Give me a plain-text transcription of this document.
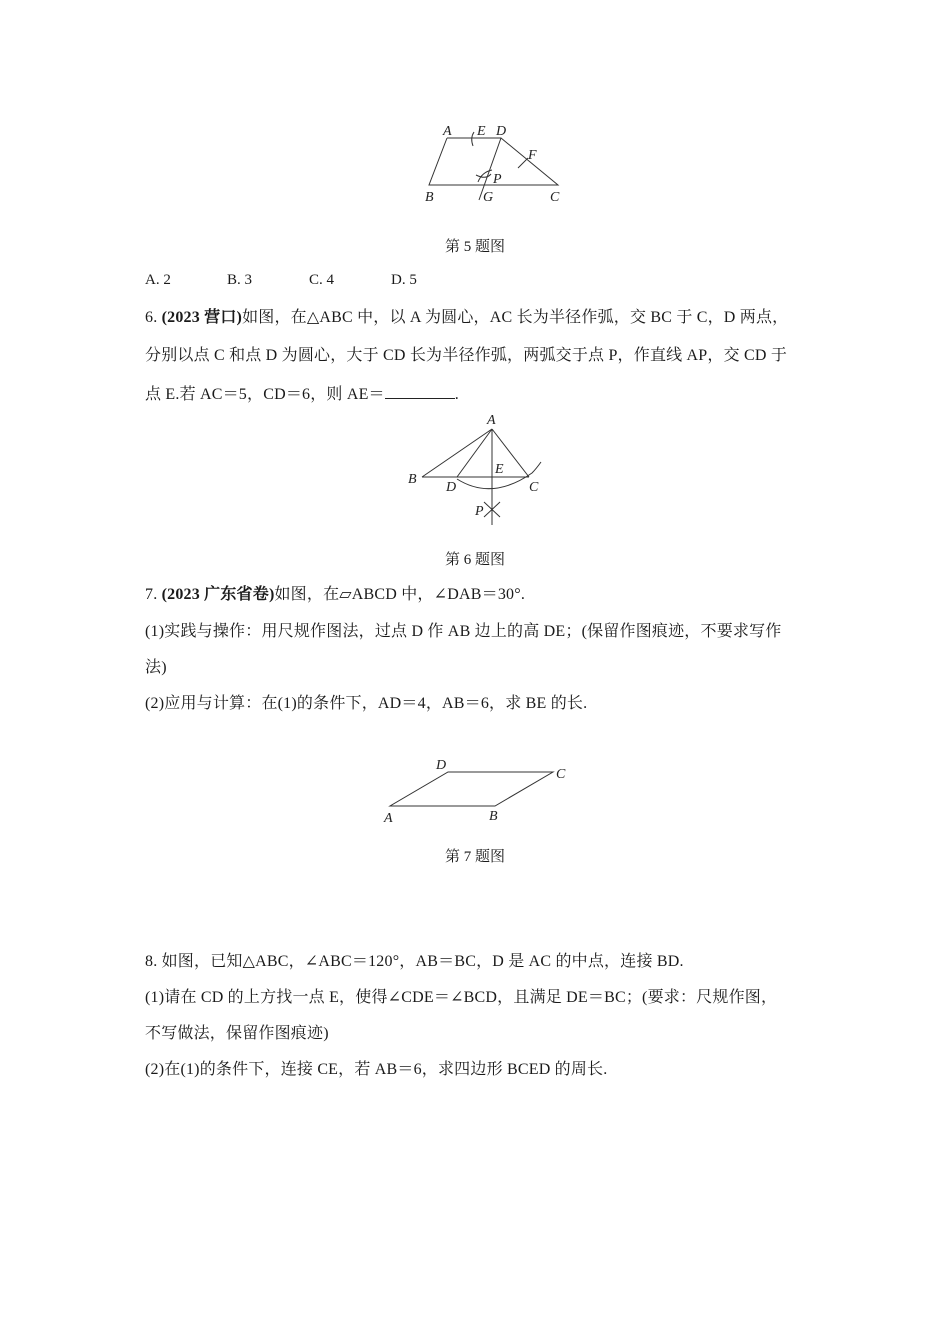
A E D
F
P
B	G	C
第 5 题图
A. 2	B. 3	C. 4	D. 5
6. (2023 营口)如图，在△ABC 中，以 A 为圆心，AC 长为半径作弧，交 BC 于 C，D 两点，
分别以点 C 和点 D 为圆心，大于 CD 长为半径作弧，两弧交于点 P，作直线 AP，交 CD 于
点 E.若 AC＝5，CD＝6，则 AE＝	.
A
B
D
E
C
P
第 6 题图
7. (2023 广东省卷)如图，在▱ABCD 中，∠DAB＝30°.
(1)实践与操作：用尺规作图法，过点 D 作 AB 边上的高 DE；(保留作图痕迹，不要求写作
法)
(2)应用与计算：在(1)的条件下，AD＝4，AB＝6，求 BE 的长.
D
C
A	B
第 7 题图
8. 如图，已知△ABC，∠ABC＝120°，AB＝BC，D 是 AC 的中点，连接 BD.
(1)请在 CD 的上方找一点 E，使得∠CDE＝∠BCD，且满足 DE＝BC；(要求：尺规作图，
不写做法，保留作图痕迹)
(2)在(1)的条件下，连接 CE，若 AB＝6，求四边形 BCED 的周长.
